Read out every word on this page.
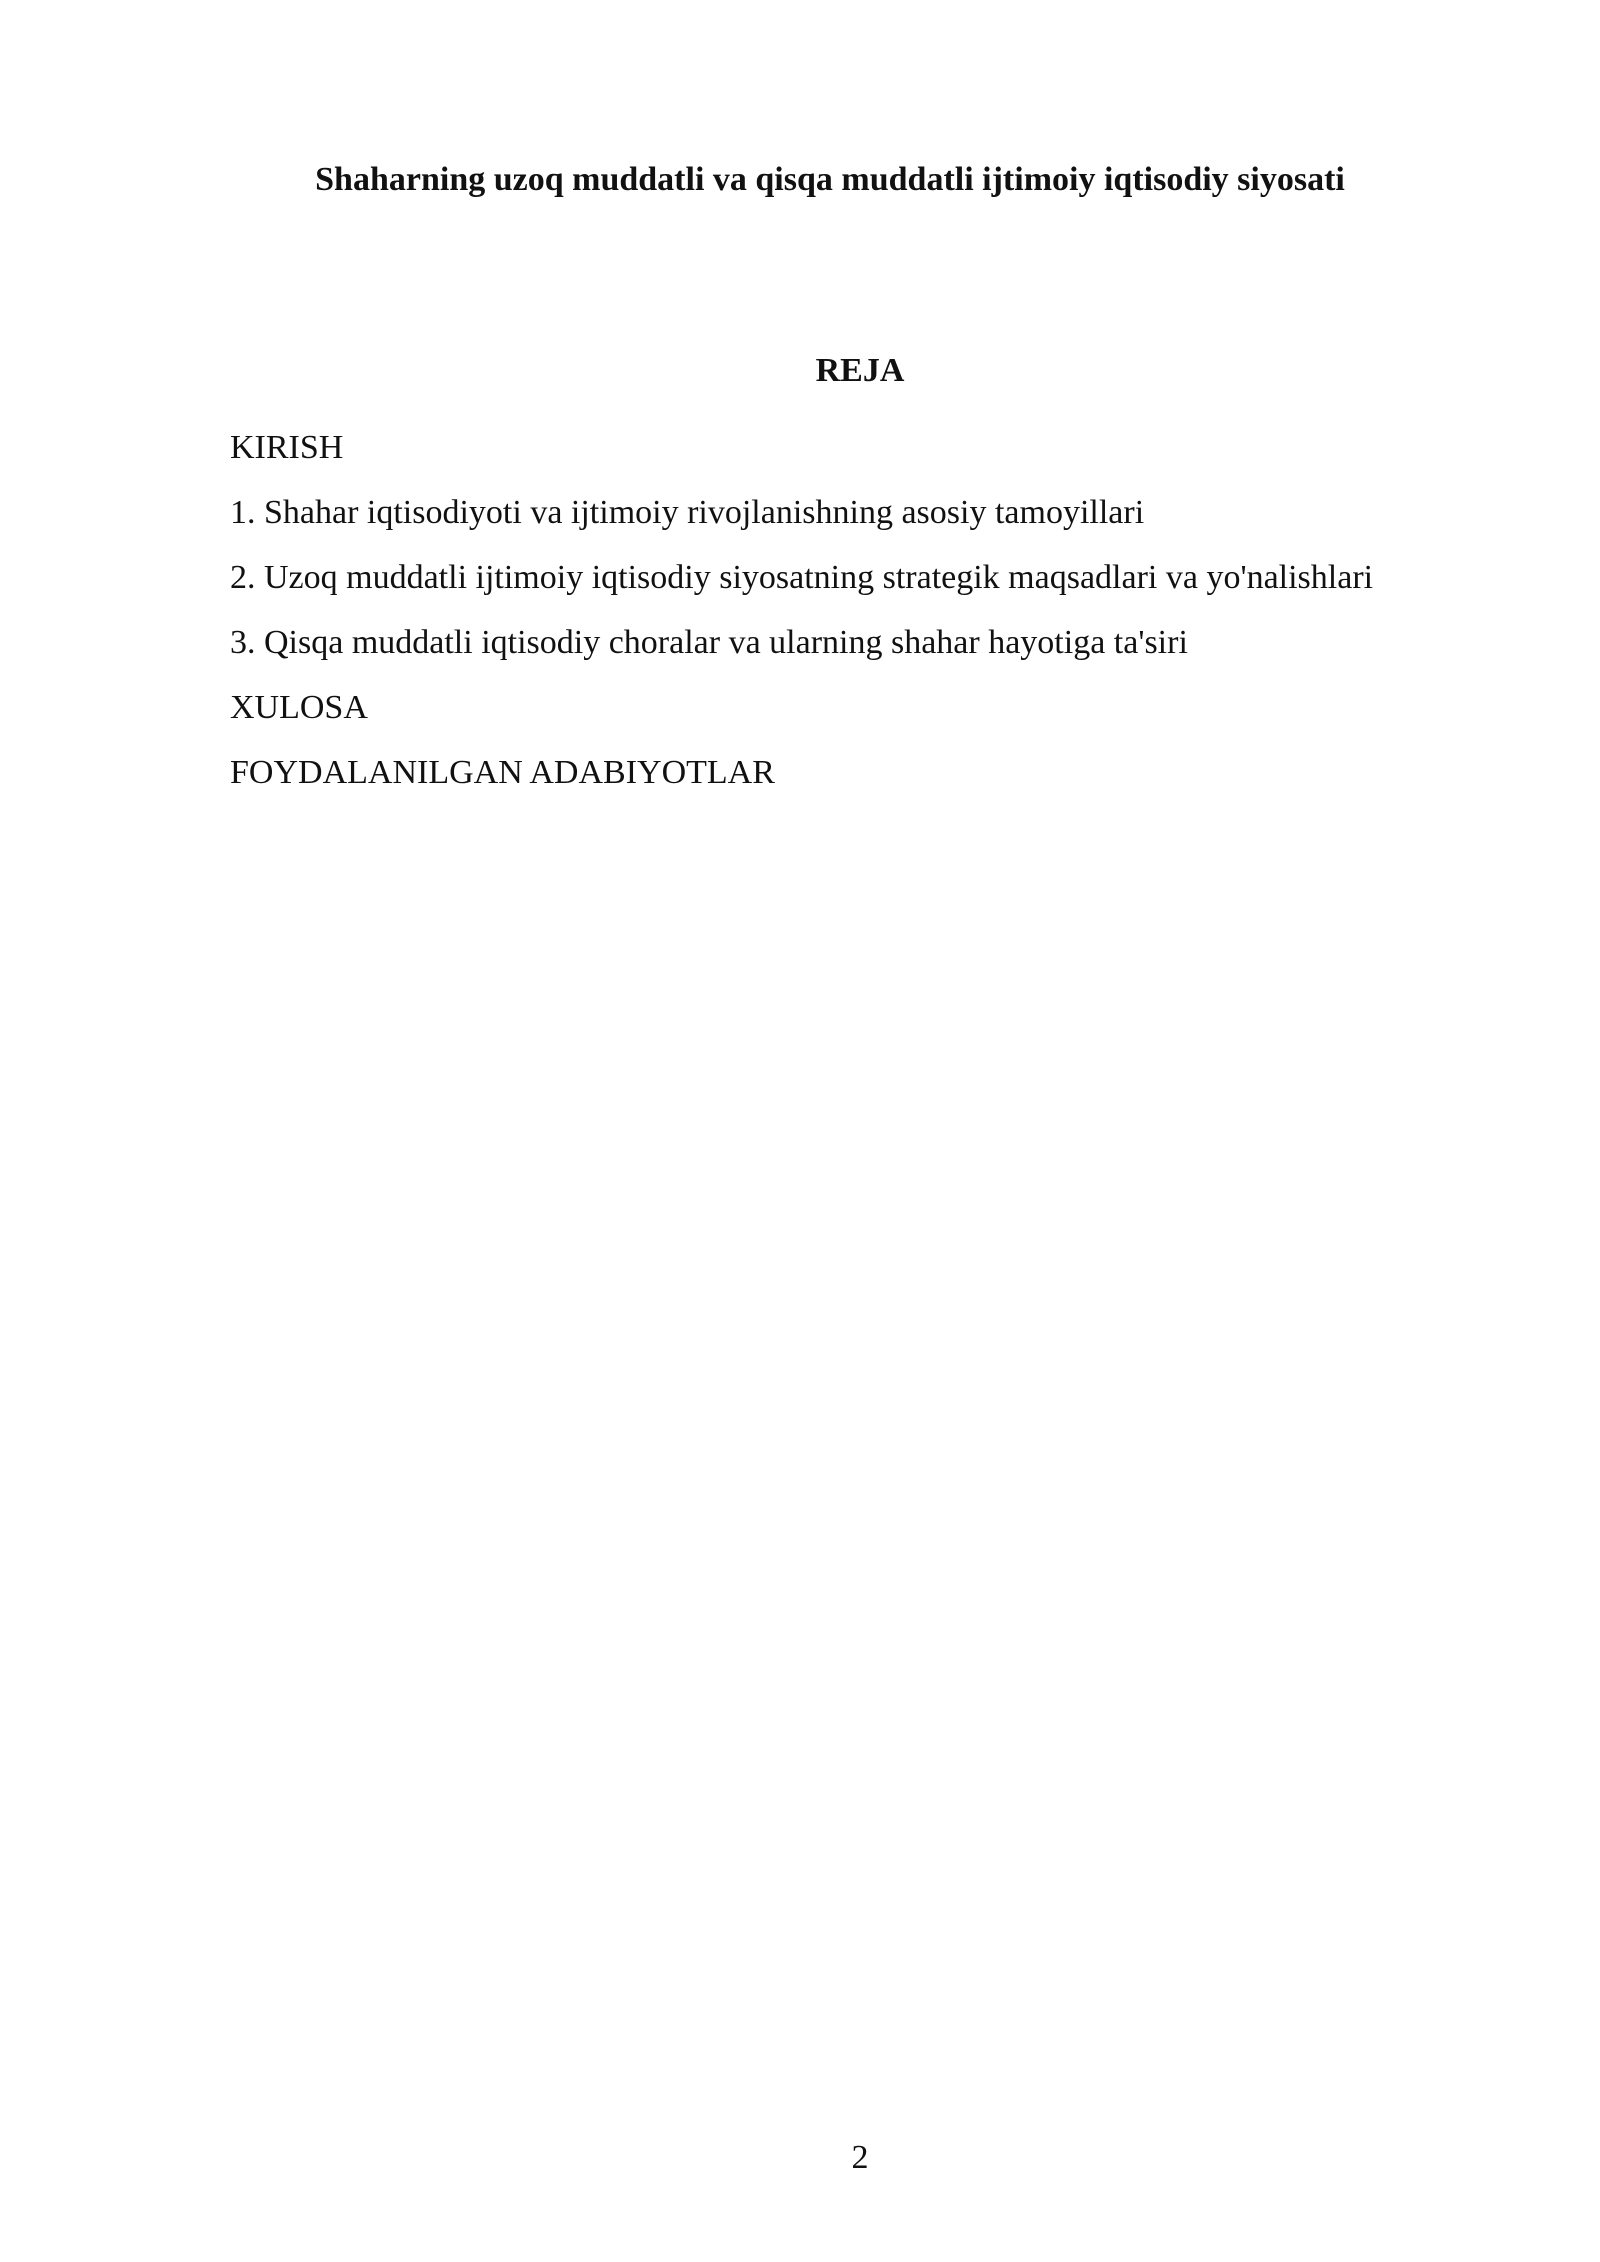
Shaharning uzoq muddatli va qisqa muddatli ijtimoiy iqtisodiy siyosati
REJA
KIRISH
1. Shahar iqtisodiyoti va ijtimoiy rivojlanishning asosiy tamoyillari
2. Uzoq muddatli ijtimoiy iqtisodiy siyosatning strategik maqsadlari va yo'nalishlari
3. Qisqa muddatli iqtisodiy choralar va ularning shahar hayotiga ta'siri
XULOSA
FOYDALANILGAN ADABIYOTLAR
2
